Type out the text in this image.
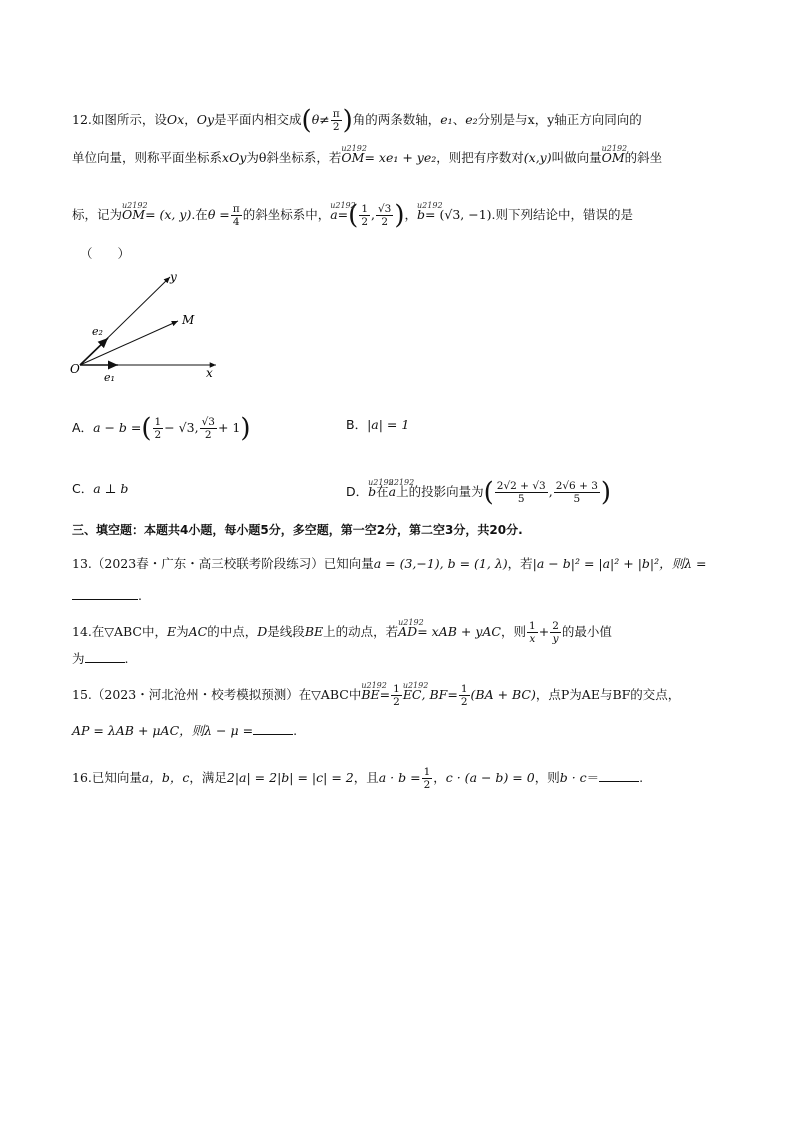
12.如图所示，设Ox，Oy是平面内相交成($\theta\ne \frac{\pi}{2}$ )角的两条数轴，e₁、e₂分别是与x，y轴正方向同向的
单位向量，则称平面坐标系xOy为θ斜坐标系，若u2192 OM= xe₁ + ye₂，则把有序数对(x,y)叫做向量u2192 OM的斜坐
标，记为u2192 OM= (x, y).在$\theta = \frac{\pi}{4}$ 的斜坐标系中，u2192 $a=( \frac{1}{2}$ , $\frac{√3}{2}$ )，u2192 b= (√3, −1).则下列结论中，错误的是
（　　）
y
M
x
O
e₁
e₂
A．a − b =( $\frac{1}{2} - √3$, $\frac{√3}{2} + 1$)	B．|a| = 1
C．a ⊥ b	D．u2192 b在u2192 a上的投影向量为( $\frac{2√2 + √3}{5}$ , $\frac{2√6 + 3}{5}$ )
三、填空题：本题共4小题，每小题5分，多空题，第一空2分，第二空3分，共20分.
13.（2023春・广东・高三校联考阶段练习）已知向量a = (3,−1), b = (1, λ)，若|a − b|² = |a|² + |b|²，则λ =
.
14.在▽ABC中，E为AC的中点，D是线段BE上的动点，若u2192 AD= xAB + yAC，则 $\frac{1}{x} + \frac{2}{y}$ 的最小值
为	.
15.（2023・河北沧州・校考模拟预测）在▽ABC中u2192 $BE= \frac{1}{2}$
u2192 EC, $BF= \frac{1}{2} (BA + BC)$，点P为AE与BF的交点，
AP = λAB + μAC，则λ − μ =	.
16.已知向量a，b，c，满足2|a| = 2|b| = |c| = 2，且$a \cdot b = \frac{1}{2}$ ，c · (a − b) = 0，则b · c＝	.
